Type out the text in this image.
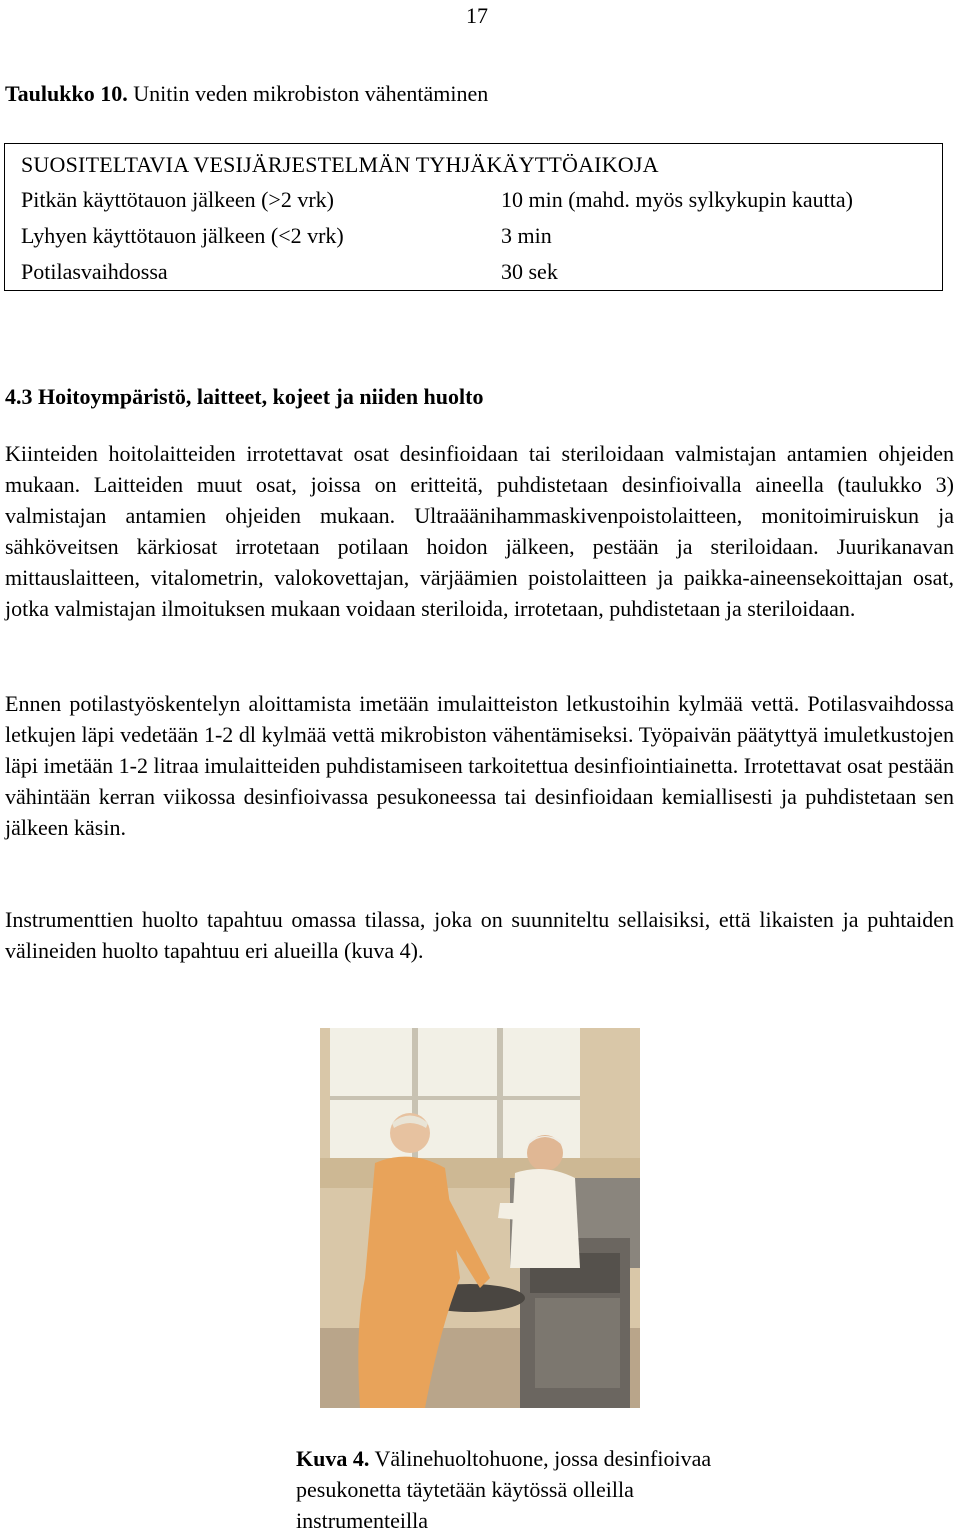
17
Taulukko 10. Unitin veden mikrobiston vähentäminen
SUOSITELTAVIA VESIJÄRJESTELMÄN TYHJÄKÄYTTÖAIKOJA
Pitkän käyttötauon jälkeen (>2 vrk)	10 min (mahd. myös sylkykupin kautta)
Lyhyen käyttötauon jälkeen (<2 vrk)	3 min
Potilasvaihdossa	30 sek
4.3 Hoitoympäristö, laitteet, kojeet ja niiden huolto
Kiinteiden hoitolaitteiden irrotettavat osat desinfioidaan tai steriloidaan valmistajan antamien ohjeiden mukaan. Laitteiden muut osat, joissa on eritteitä, puhdistetaan desinfioivalla aineella (taulukko 3) valmistajan antamien ohjeiden mukaan. Ultraäänihammaskivenpoistolaitteen, monitoimiruiskun ja sähköveitsen kärkiosat irrotetaan potilaan hoidon jälkeen, pestään ja steriloidaan. Juurikanavan mittauslaitteen, vitalometrin, valokovettajan, värjäämien poistolaitteen ja paikka-aineensekoittajan osat, jotka valmistajan ilmoituksen mukaan voidaan steriloida, irrotetaan, puhdistetaan ja steriloidaan.
Ennen potilastyöskentelyn aloittamista imetään imulaitteiston letkustoihin kylmää vettä. Potilasvaihdossa letkujen läpi vedetään 1-2 dl kylmää vettä mikrobiston vähentämiseksi. Työpaivän päätyttyä imuletkustojen läpi imetään 1-2 litraa imulaitteiden puhdistamiseen tarkoitettua desinfiointiainetta. Irrotettavat osat pestään vähintään kerran viikossa desinfioivassa pesukoneessa tai desinfioidaan kemiallisesti ja puhdistetaan sen jälkeen käsin.
Instrumenttien huolto tapahtuu omassa tilassa, joka on suunniteltu sellaisiksi, että likaisten ja puhtaiden välineiden huolto tapahtuu eri alueilla (kuva 4).
Kuva 4. Välinehuoltohuone, jossa desinfioivaa pesukonetta täytetään käytössä olleilla instrumenteilla
